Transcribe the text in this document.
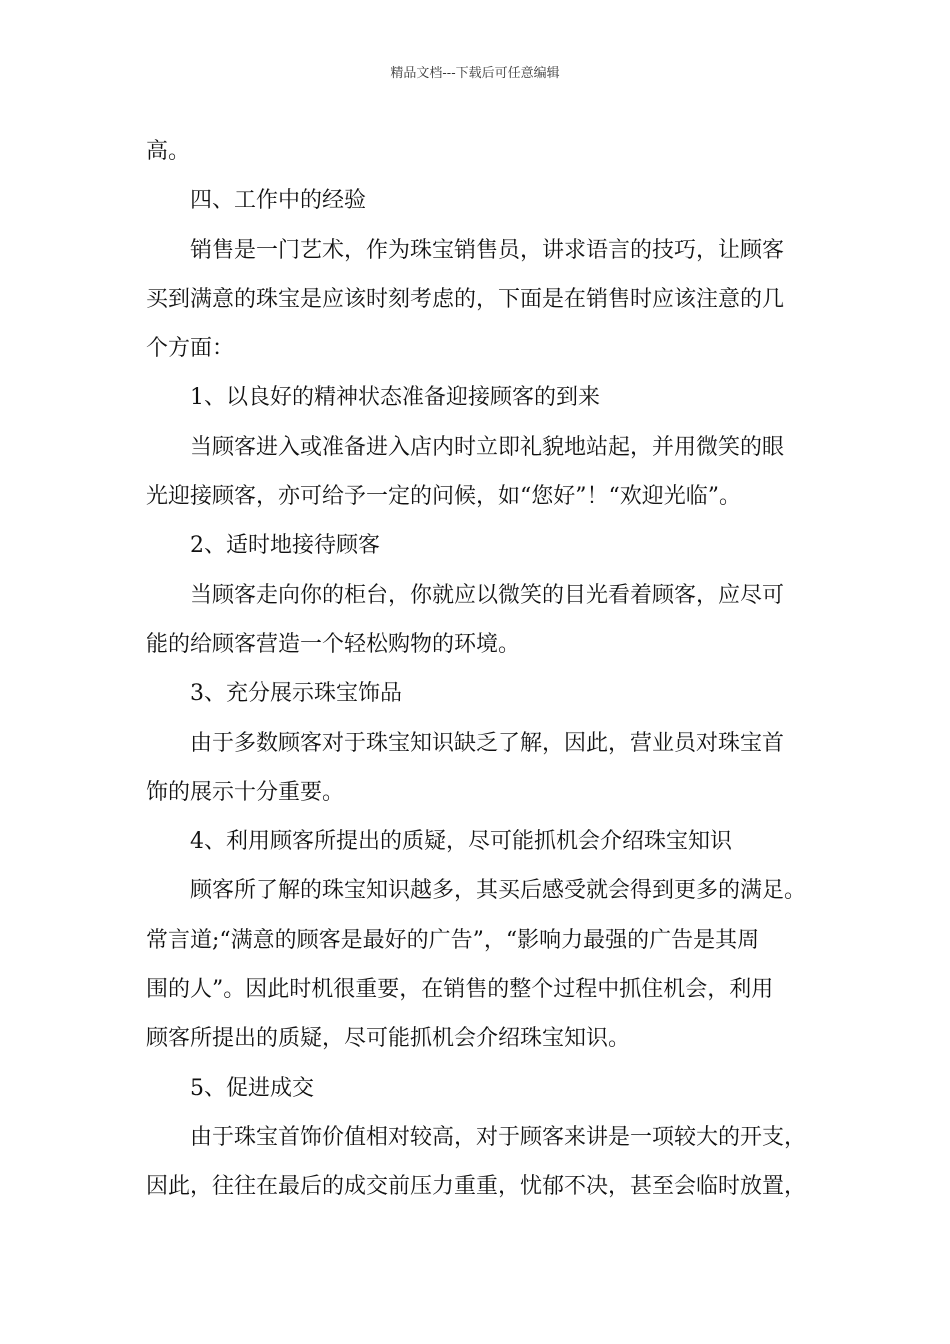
精品文档---下载后可任意编辑
高。
四、工作中的经验
销售是一门艺术，作为珠宝销售员，讲求语言的技巧，让顾客
买到满意的珠宝是应该时刻考虑的，下面是在销售时应该注意的几
个方面：
1、以良好的精神状态准备迎接顾客的到来
当顾客进入或准备进入店内时立即礼貌地站起，并用微笑的眼
光迎接顾客，亦可给予一定的问候，如“您好”！“欢迎光临”。
2、适时地接待顾客
当顾客走向你的柜台，你就应以微笑的目光看着顾客，应尽可
能的给顾客营造一个轻松购物的环境。
3、充分展示珠宝饰品
由于多数顾客对于珠宝知识缺乏了解，因此，营业员对珠宝首
饰的展示十分重要。
4、利用顾客所提出的质疑，尽可能抓机会介绍珠宝知识
顾客所了解的珠宝知识越多，其买后感受就会得到更多的满足。
常言道;“满意的顾客是最好的广告”，“影响力最强的广告是其周
围的人”。因此时机很重要，在销售的整个过程中抓住机会，利用
顾客所提出的质疑，尽可能抓机会介绍珠宝知识。
5、促进成交
由于珠宝首饰价值相对较高，对于顾客来讲是一项较大的开支，
因此，往往在最后的成交前压力重重，忧郁不决，甚至会临时放置，
